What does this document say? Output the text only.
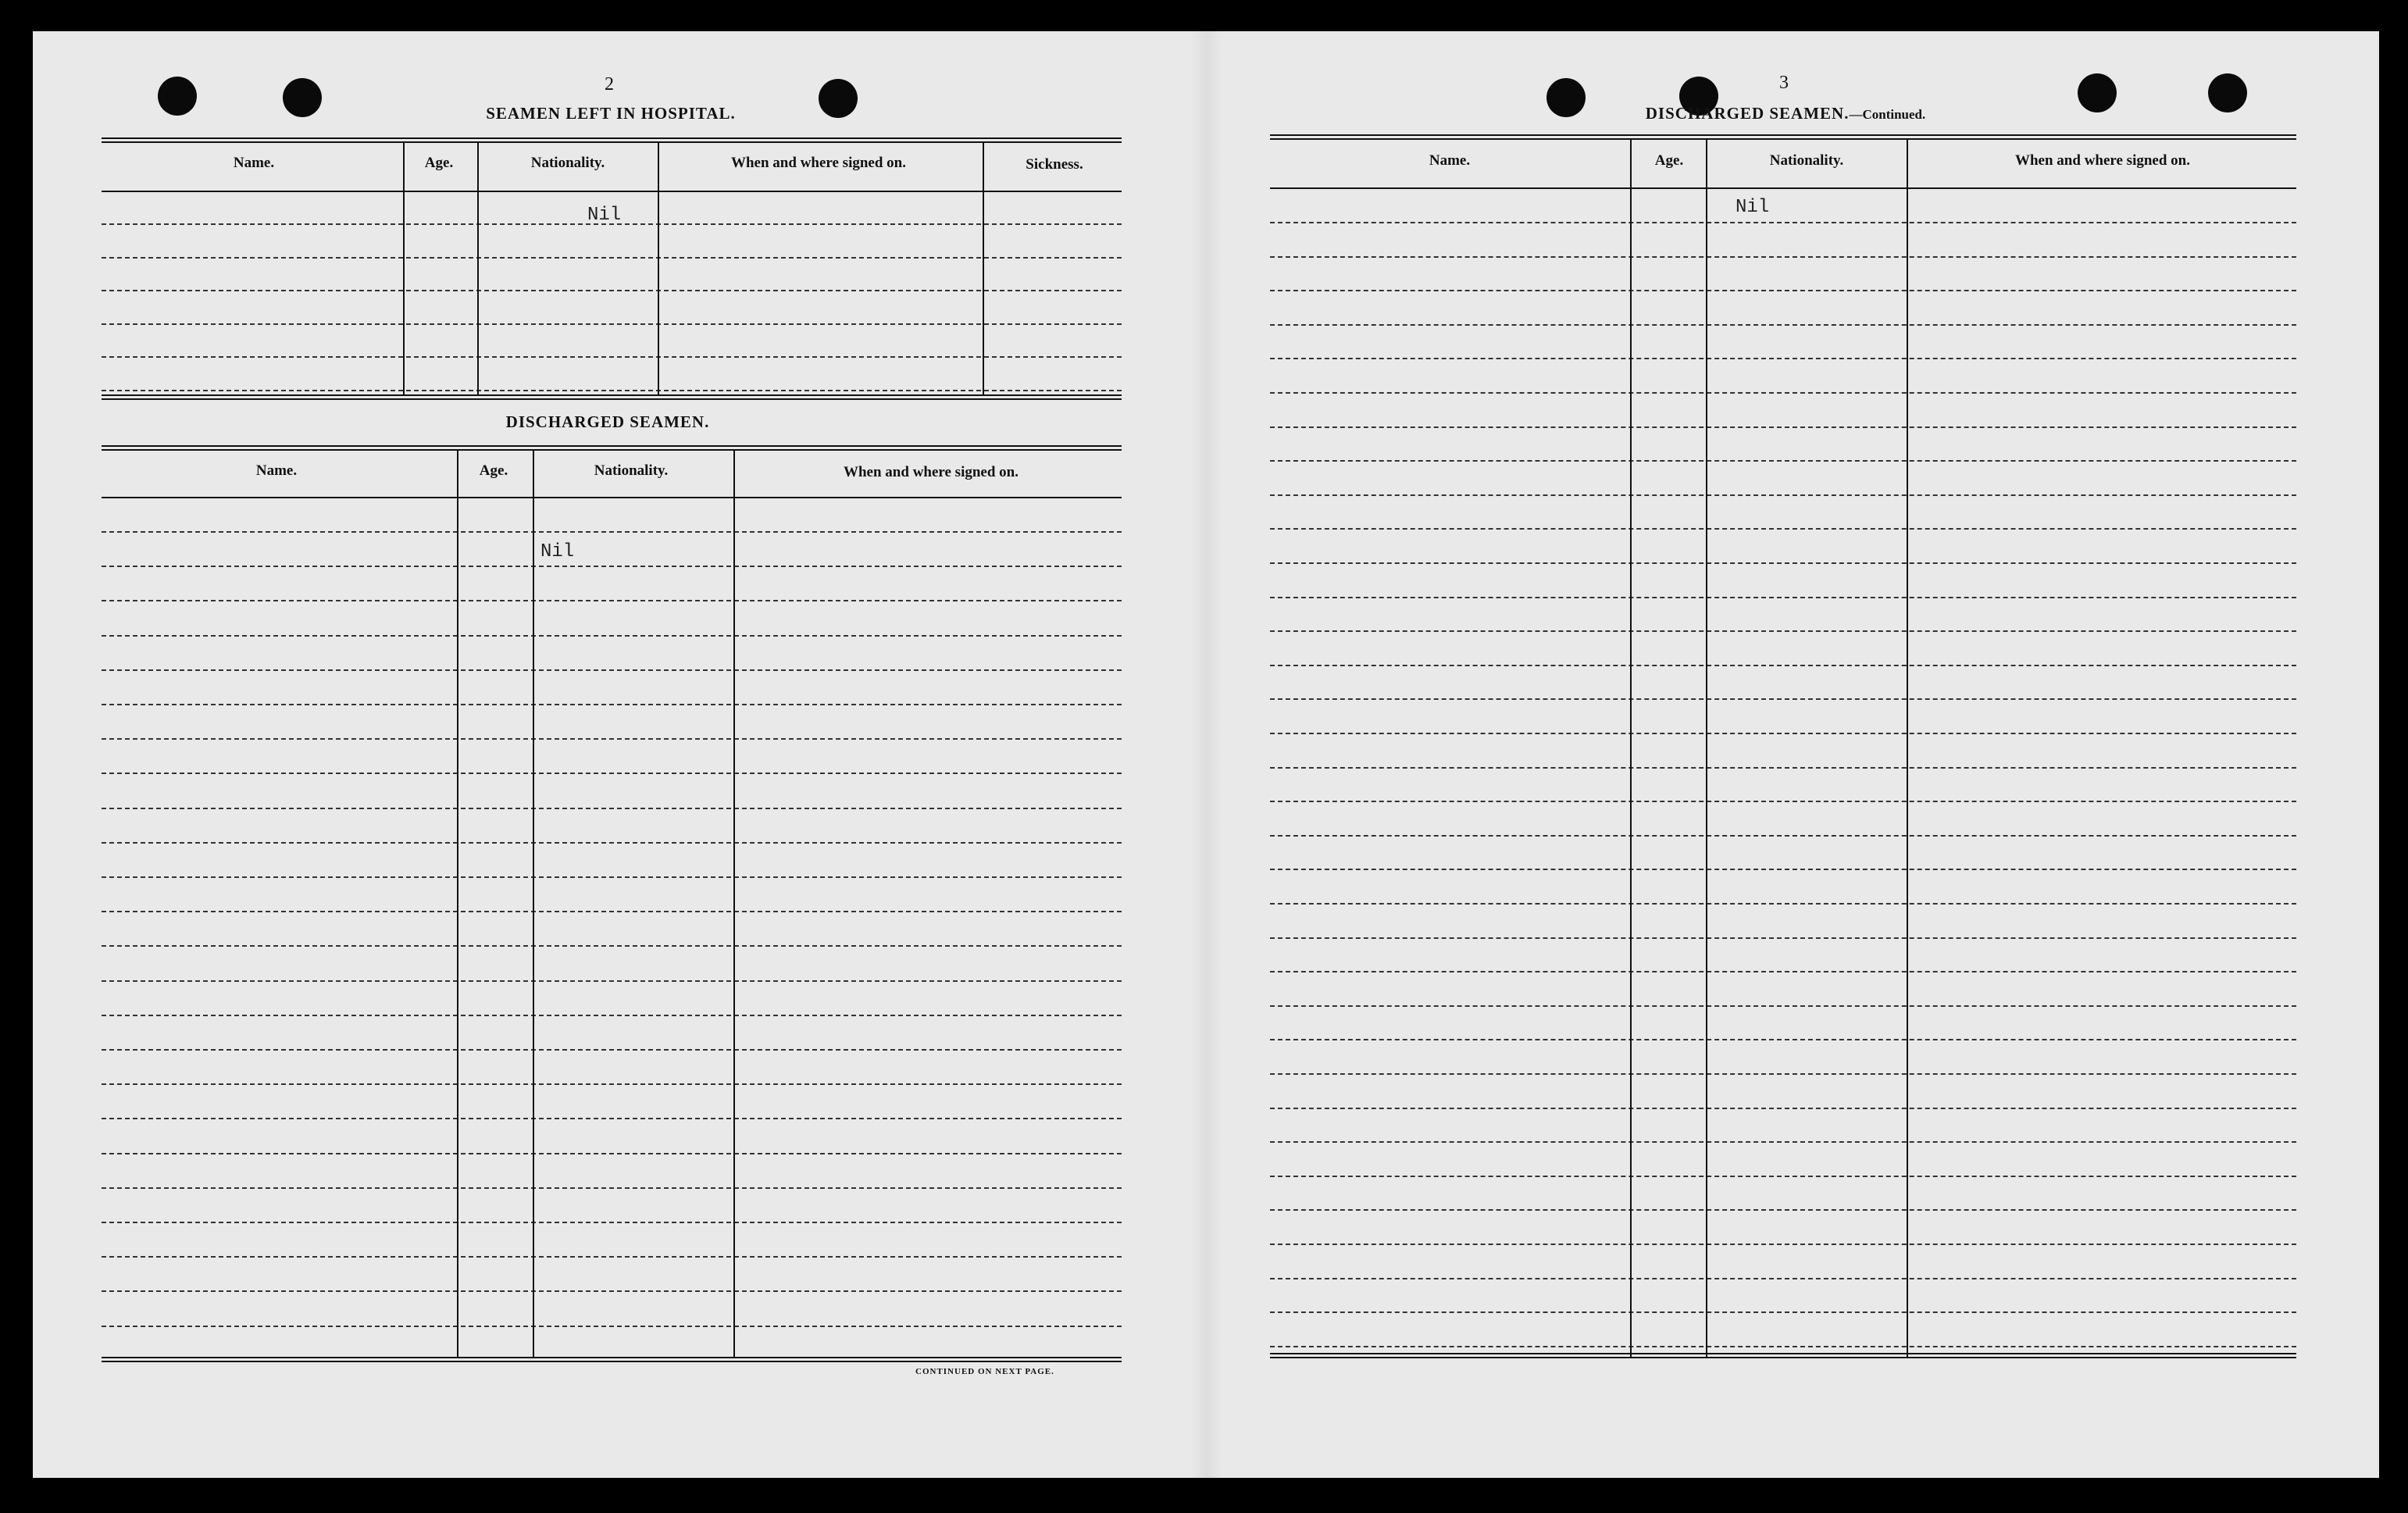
2
SEAMEN LEFT IN HOSPITAL.
Name.	Age.	Nationality.	When and where signed on.	Sickness.
Nil
DISCHARGED SEAMEN.
Name.	Age.	Nationality.	When and where signed on.
Nil
CONTINUED ON NEXT PAGE.
3
DISCHARGED SEAMEN.—Continued.
Name.	Age.	Nationality.	When and where signed on.
Nil
